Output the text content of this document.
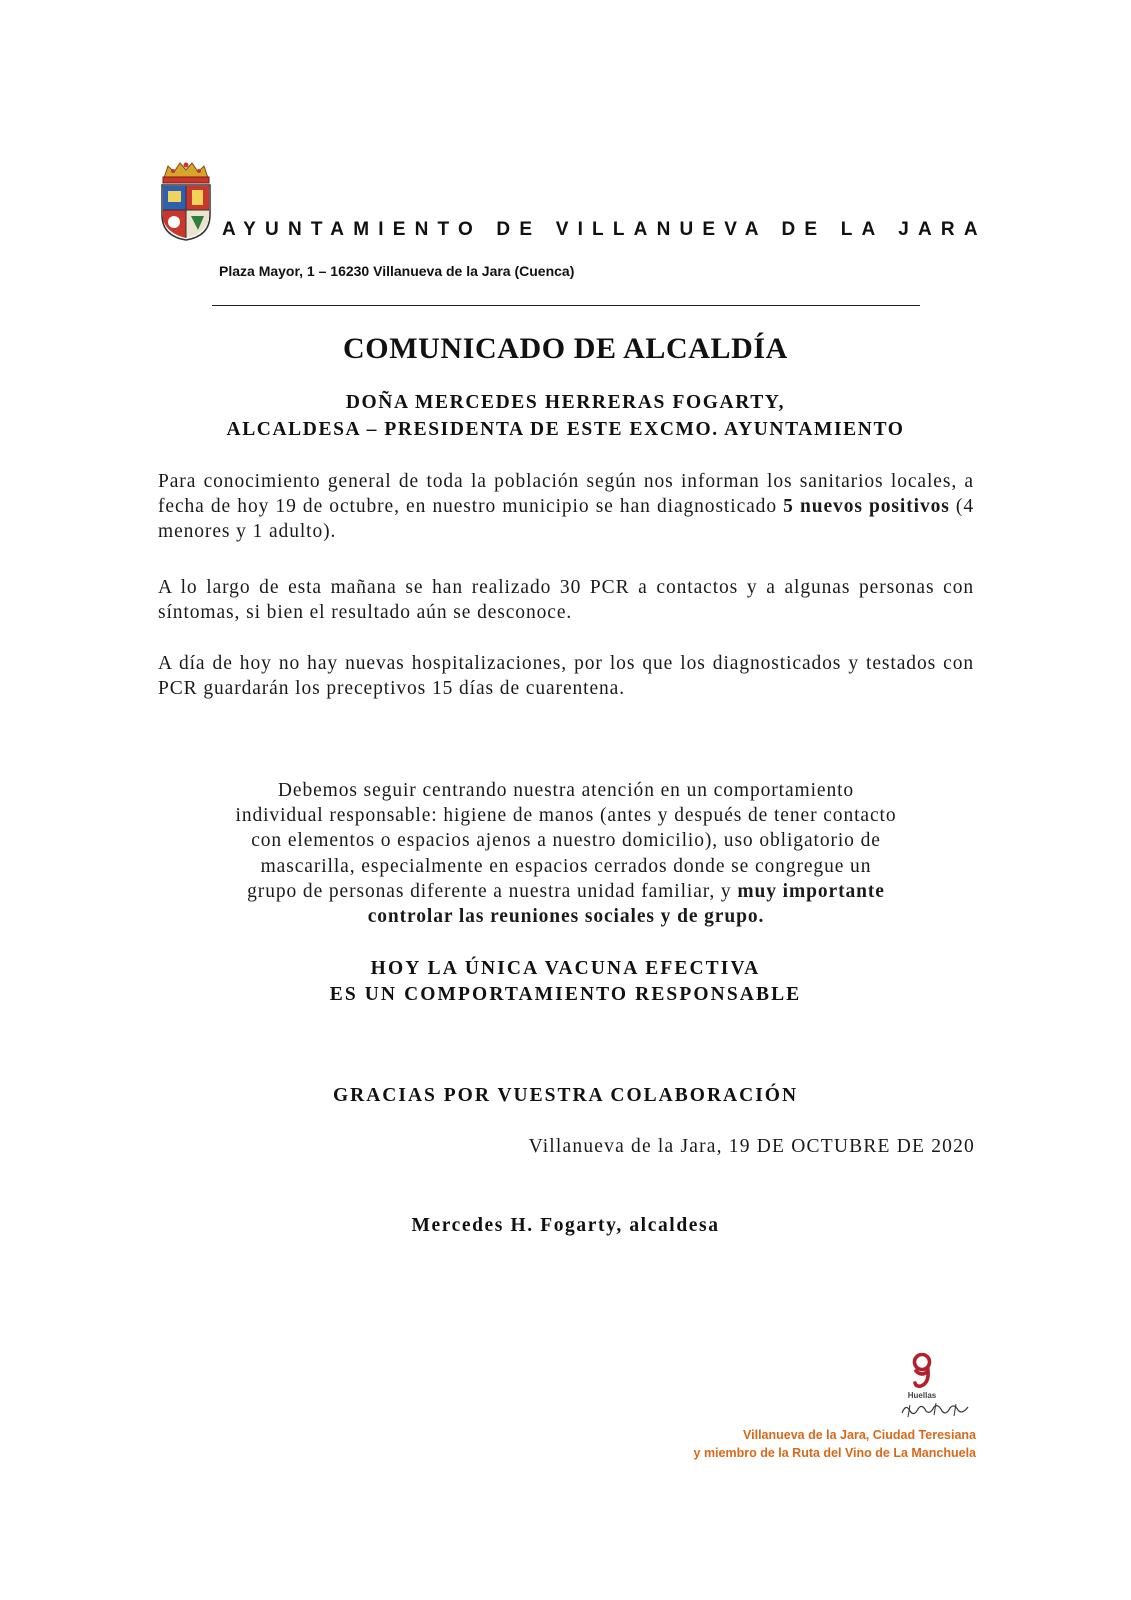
AYUNTAMIENTO DE VILLANUEVA DE LA JARA
Plaza Mayor, 1 – 16230 Villanueva de la Jara (Cuenca)
COMUNICADO DE ALCALDÍA
DOÑA MERCEDES HERRERAS FOGARTY,
ALCALDESA – PRESIDENTA DE ESTE EXCMO. AYUNTAMIENTO

Para conocimiento general de toda la población según nos informan los sanitarios locales, a fecha de hoy 19 de octubre, en nuestro municipio se han diagnosticado 5 nuevos positivos (4 menores y 1 adulto).

A lo largo de esta mañana se han realizado 30 PCR a contactos y a algunas personas con síntomas, si bien el resultado aún se desconoce.

A día de hoy no hay nuevas hospitalizaciones, por los que los diagnosticados y testados con PCR guardarán los preceptivos 15 días de cuarentena.

Debemos seguir centrando nuestra atención en un comportamiento
individual responsable: higiene de manos (antes y después de tener contacto
con elementos o espacios ajenos a nuestro domicilio), uso obligatorio de
mascarilla, especialmente en espacios cerrados donde se congregue un
grupo de personas diferente a nuestra unidad familiar, y muy importante
controlar las reuniones sociales y de grupo.
HOY LA ÚNICA VACUNA EFECTIVA
ES UN COMPORTAMIENTO RESPONSABLE
GRACIAS POR VUESTRA COLABORACIÓN
Villanueva de la Jara, 19 DE OCTUBRE DE 2020
Mercedes H. Fogarty, alcaldesa
Huellas
Villanueva de la Jara, Ciudad Teresiana
y miembro de la Ruta del Vino de La Manchuela
